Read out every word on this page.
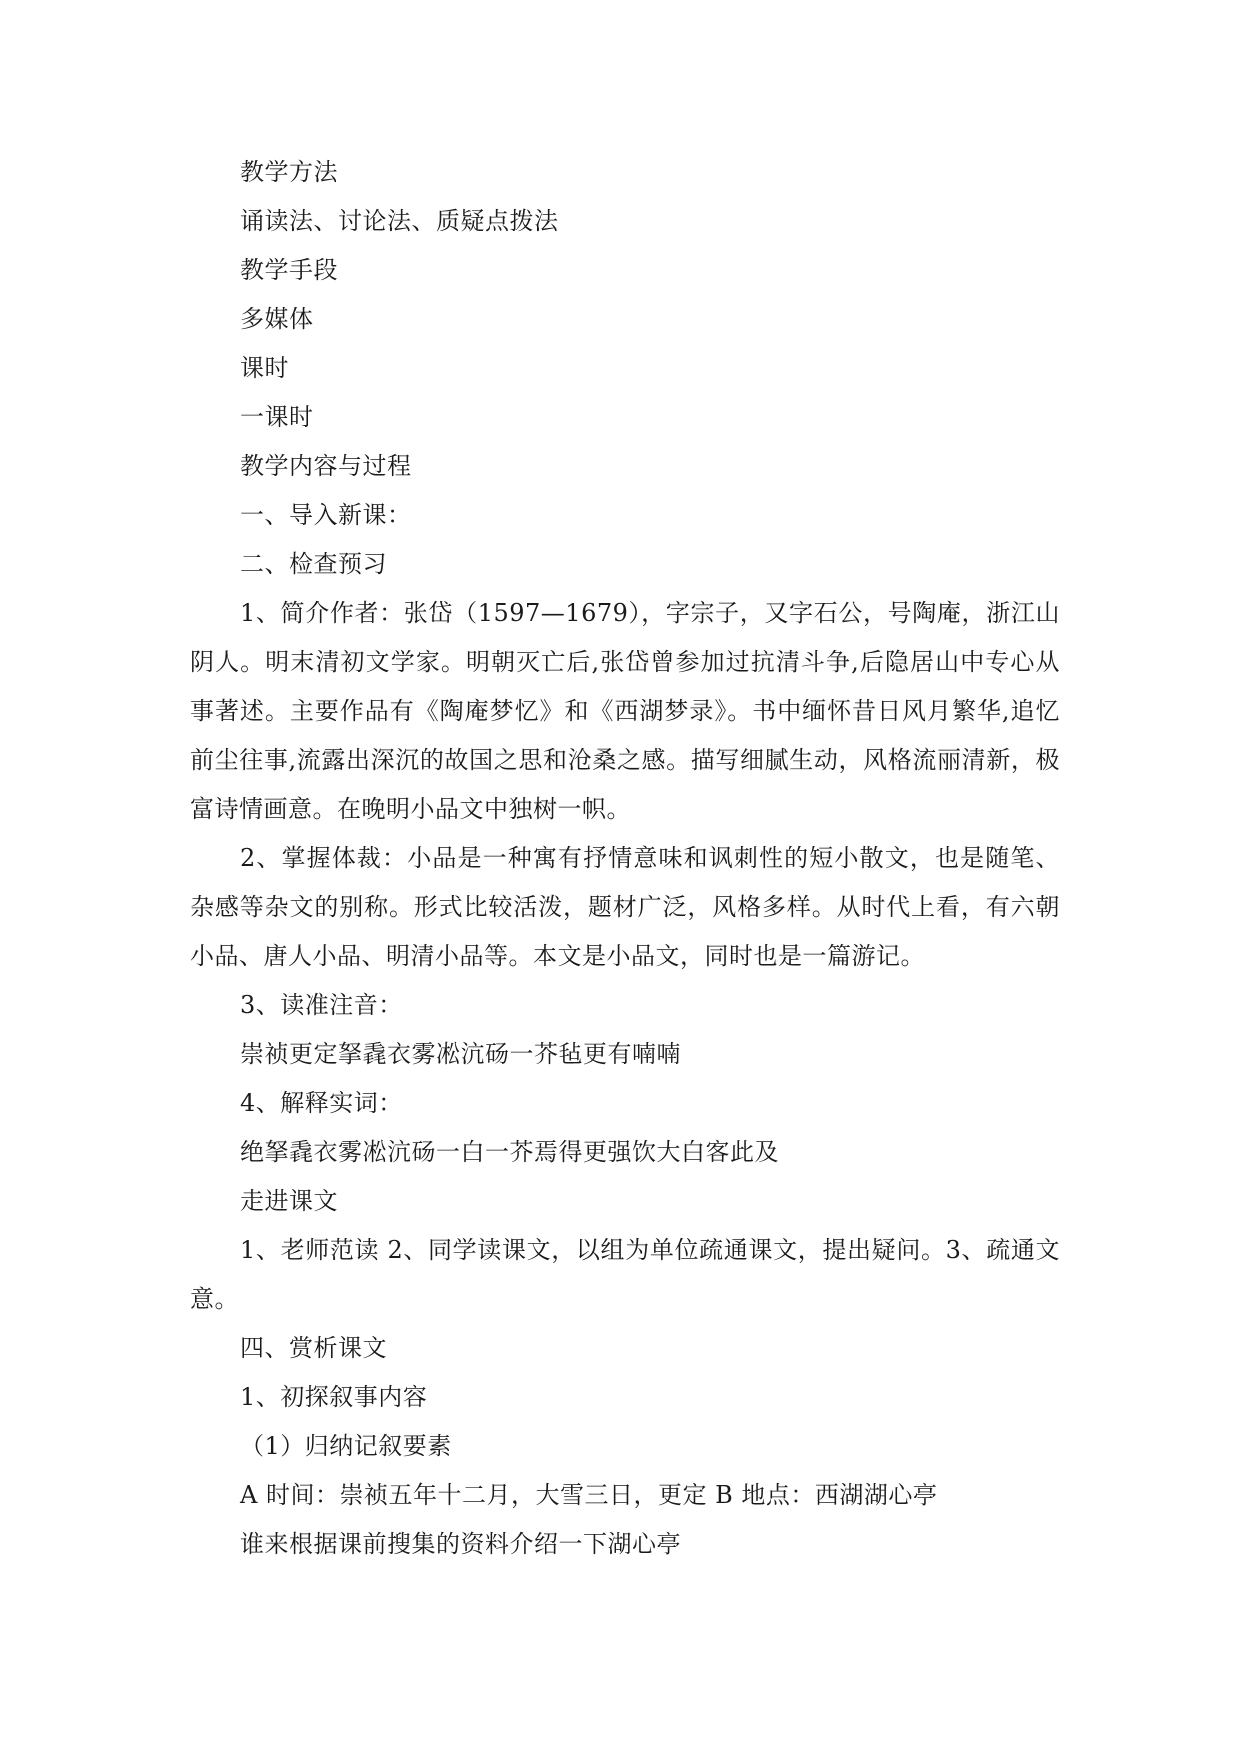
教学方法

诵读法、讨论法、质疑点拨法

教学手段

多媒体

课时

一课时

教学内容与过程

一、导入新课：

二、检查预习

1、简介作者：张岱（1597—1679），字宗子，又字石公，号陶庵，浙江山阴人。明末清初文学家。明朝灭亡后,张岱曾参加过抗清斗争,后隐居山中专心从事著述。主要作品有《陶庵梦忆》和《西湖梦录》。书中缅怀昔日风月繁华,追忆前尘往事,流露出深沉的故国之思和沧桑之感。描写细腻生动，风格流丽清新，极富诗情画意。在晚明小品文中独树一帜。

2、掌握体裁：小品是一种寓有抒情意味和讽刺性的短小散文，也是随笔、杂感等杂文的别称。形式比较活泼，题材广泛，风格多样。从时代上看，有六朝小品、唐人小品、明清小品等。本文是小品文，同时也是一篇游记。

3、读准注音：

崇祯更定拏毳衣雾凇沆砀一芥毡更有喃喃

4、解释实词：

绝拏毳衣雾凇沆砀一白一芥焉得更强饮大白客此及

走进课文

1、老师范读 2、同学读课文，以组为单位疏通课文，提出疑问。3、疏通文意。

四、赏析课文

1、初探叙事内容

（1）归纳记叙要素

A 时间：崇祯五年十二月，大雪三日，更定 B 地点：西湖湖心亭

谁来根据课前搜集的资料介绍一下湖心亭
